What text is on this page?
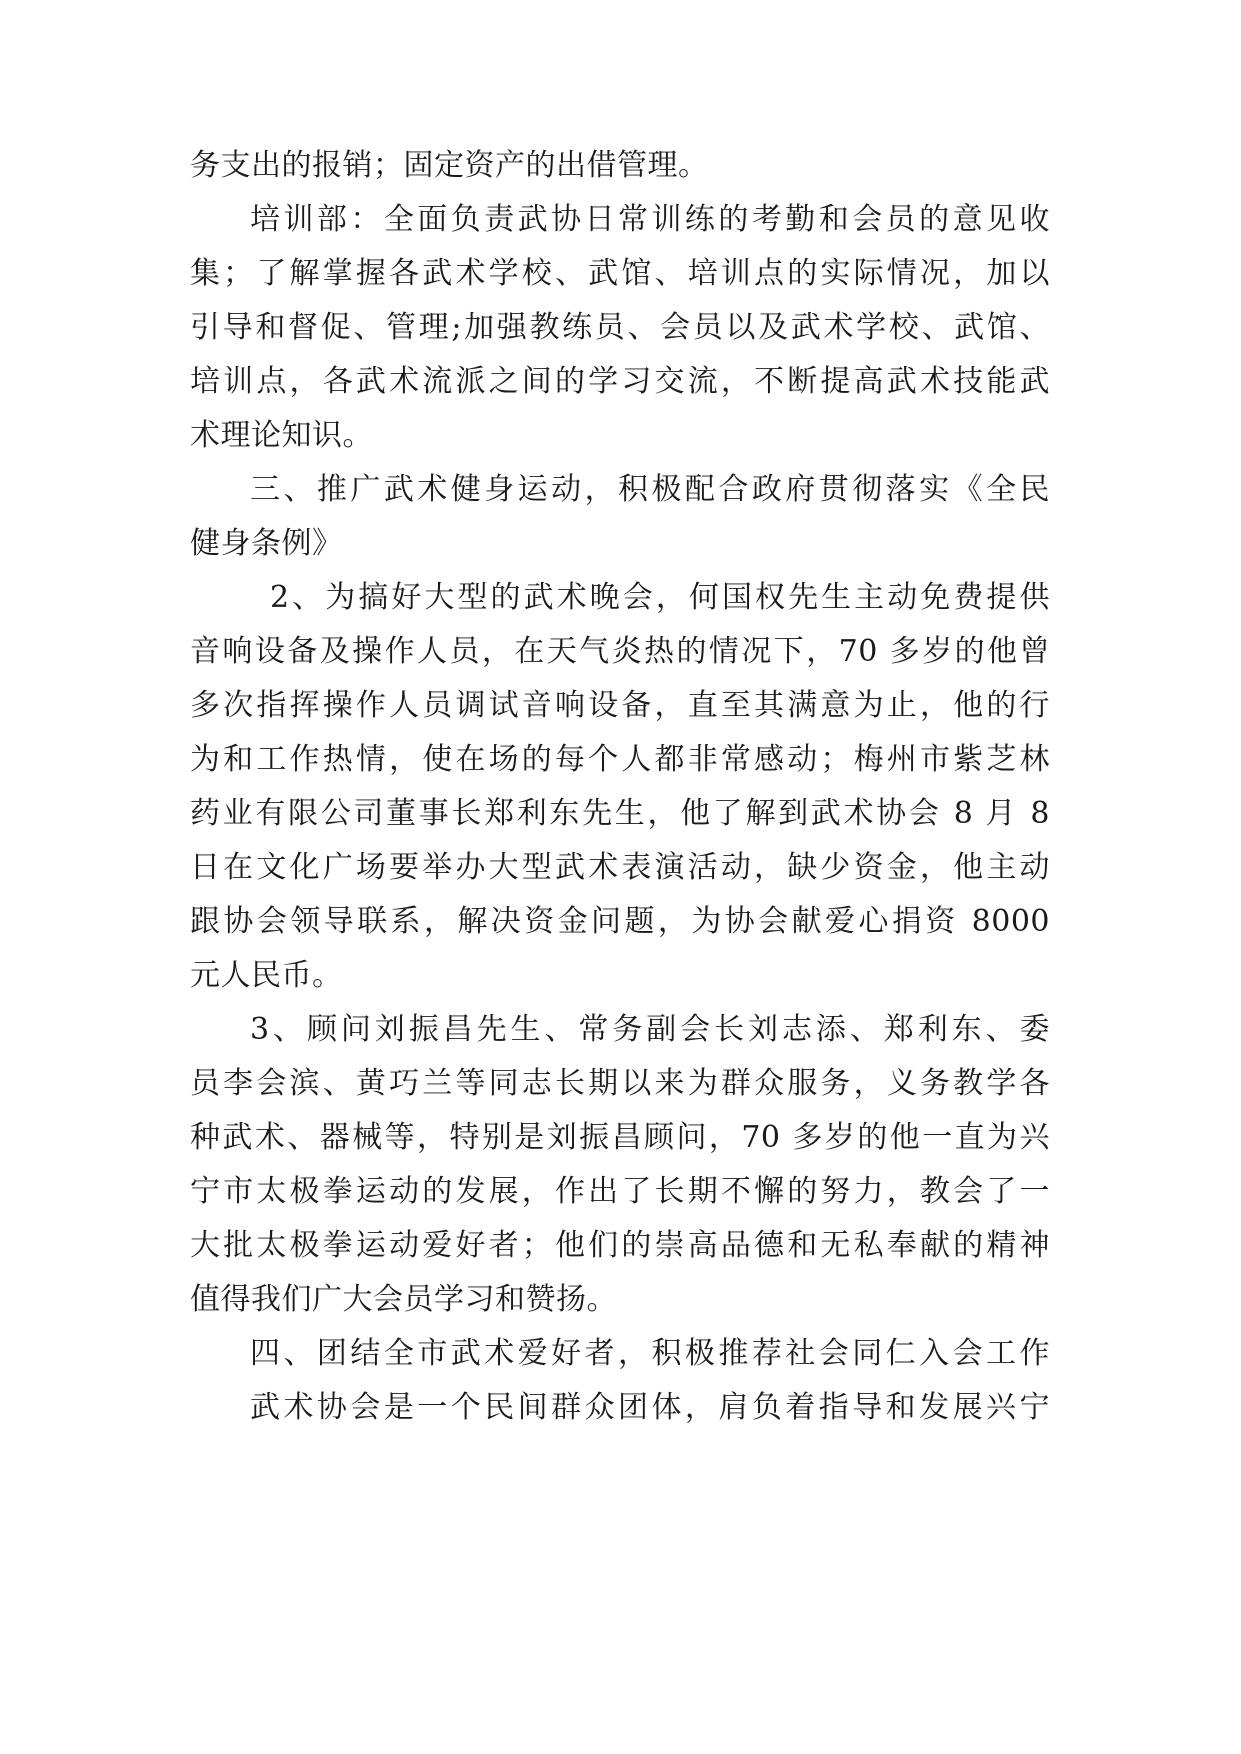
务支出的报销；固定资产的出借管理。
培训部：全面负责武协日常训练的考勤和会员的意见收
集；了解掌握各武术学校、武馆、培训点的实际情况，加以
引导和督促、管理;加强教练员、会员以及武术学校、武馆、
培训点，各武术流派之间的学习交流，不断提高武术技能武
术理论知识。
三、推广武术健身运动，积极配合政府贯彻落实《全民
健身条例》
2、为搞好大型的武术晚会，何国权先生主动免费提供
音响设备及操作人员，在天气炎热的情况下，70 多岁的他曾
多次指挥操作人员调试音响设备，直至其满意为止，他的行
为和工作热情，使在场的每个人都非常感动；梅州市紫芝林
药业有限公司董事长郑利东先生，他了解到武术协会 8 月 8
日在文化广场要举办大型武术表演活动，缺少资金，他主动
跟协会领导联系，解决资金问题，为协会献爱心捐资 8000
元人民币。
3、顾问刘振昌先生、常务副会长刘志添、郑利东、委
员李会滨、黄巧兰等同志长期以来为群众服务，义务教学各
种武术、器械等，特别是刘振昌顾问，70 多岁的他一直为兴
宁市太极拳运动的发展，作出了长期不懈的努力，教会了一
大批太极拳运动爱好者；他们的崇高品德和无私奉献的精神
值得我们广大会员学习和赞扬。
四、团结全市武术爱好者，积极推荐社会同仁入会工作
武术协会是一个民间群众团体，肩负着指导和发展兴宁
